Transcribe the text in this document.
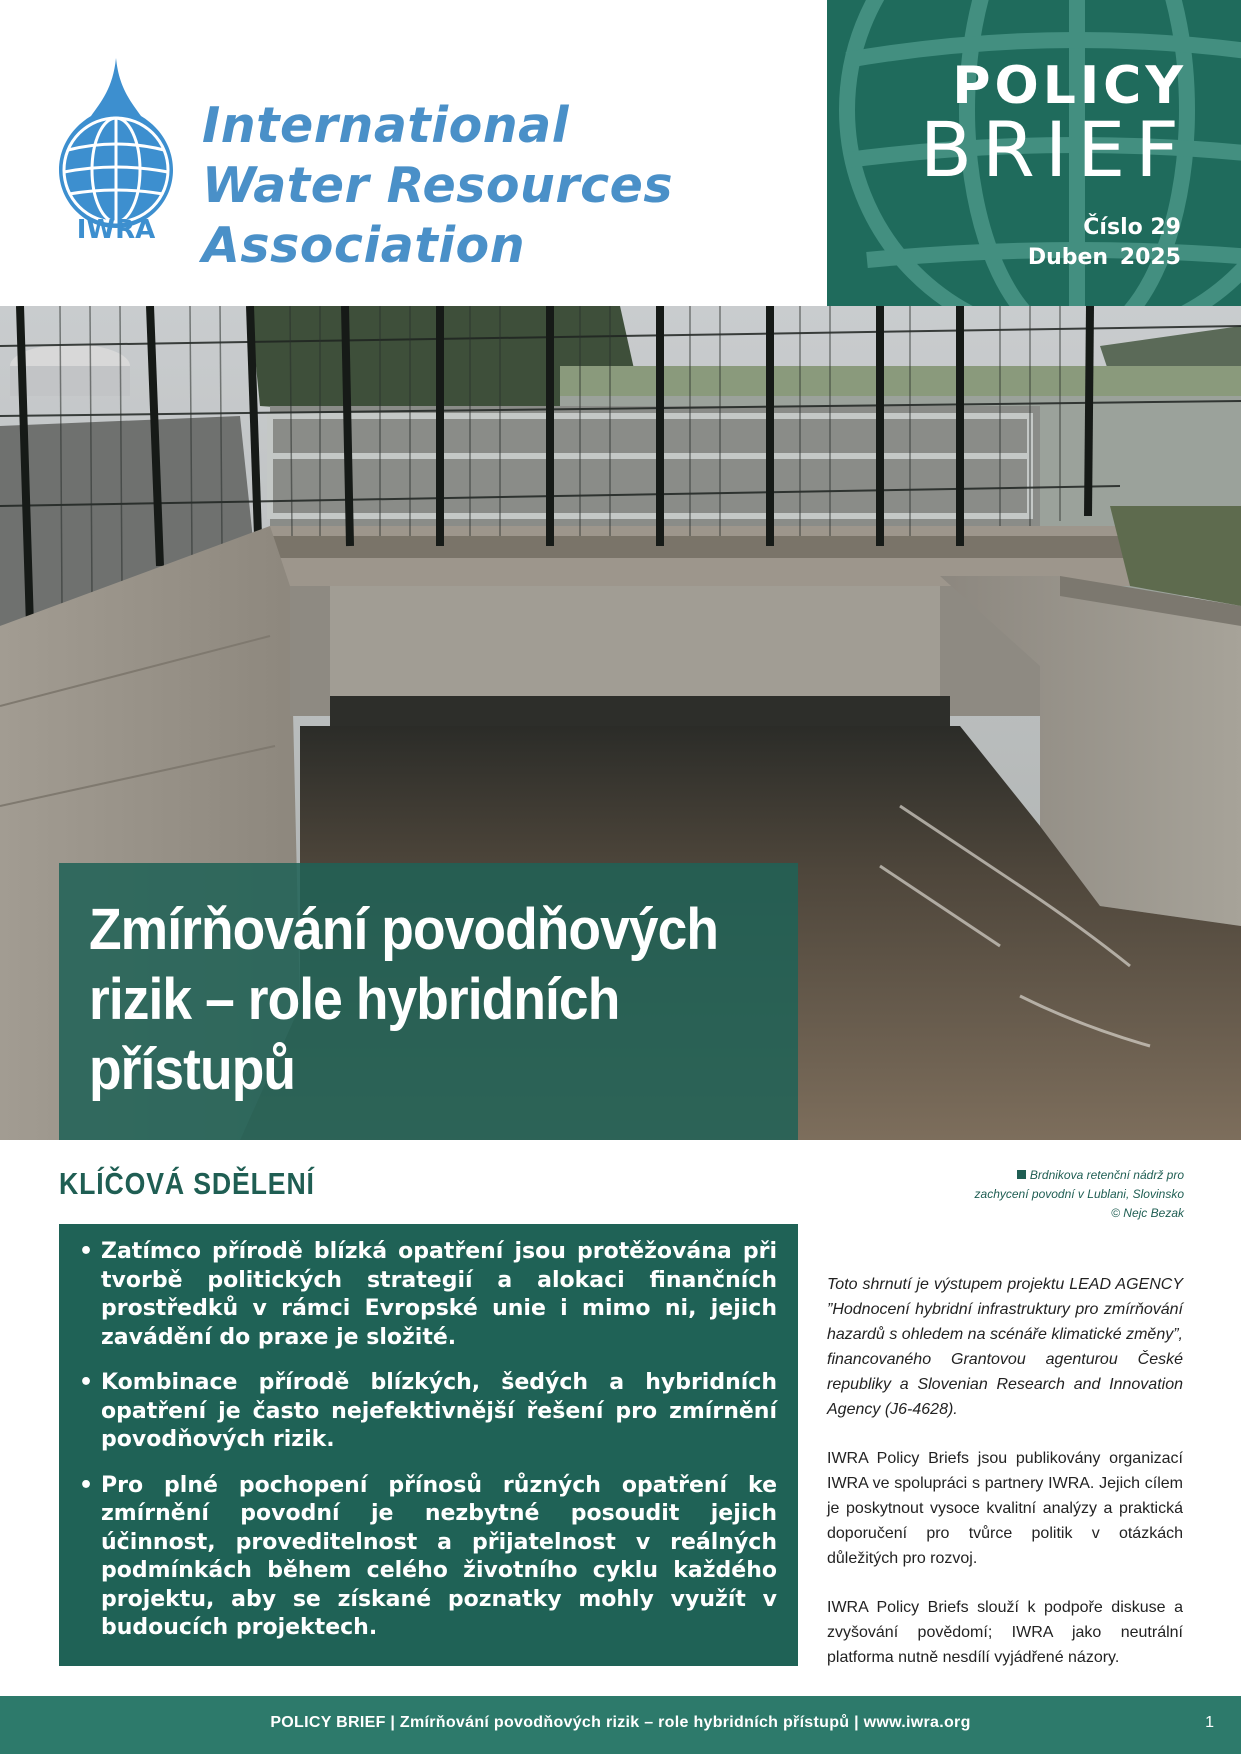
IWRA
International
Water Resources
Association
POLICY
BRIEF
Číslo 29
Duben 2025
Zmírňování povodňových rizik – role hybridních přístupů
KLÍČOVÁ SDĚLENÍ	Brdnikova retenční nádrž pro zachycení povodní v Lublani, Slovinsko © Nejc Bezak
• Zatímco přírodě blízká opatření jsou protěžována při tvorbě politických strategií a alokaci finančních prostředků v rámci Evropské unie i mimo ni, jejich zavádění do praxe je složité.
• Kombinace přírodě blízkých, šedých a hybridních opatření je často nejefektivnější řešení pro zmírnění povodňových rizik.
• Pro plné pochopení přínosů různých opatření ke zmírnění povodní je nezbytné posoudit jejich účinnost, proveditelnost a přijatelnost v reálných podmínkách během celého životního cyklu každého projektu, aby se získané poznatky mohly využít v budoucích projektech.

Toto shrnutí je výstupem projektu LEAD AGENCY ”Hodnocení hybridní infrastruktury pro zmírňování hazardů s ohledem na scénáře klimatické změny”, financovaného Grantovou agenturou České republiky a Slovenian Research and Innovation Agency (J6-4628).

IWRA Policy Briefs jsou publikovány organizací IWRA ve spolupráci s partnery IWRA. Jejich cílem je poskytnout vysoce kvalitní analýzy a praktická doporučení pro tvůrce politik v otázkách důležitých pro rozvoj.

IWRA Policy Briefs slouží k podpoře diskuse a zvyšování povědomí; IWRA jako neutrální platforma nutně nesdílí vyjádřené názory.

POLICY BRIEF | Zmírňování povodňových rizik – role hybridních přístupů | www.iwra.org	1
